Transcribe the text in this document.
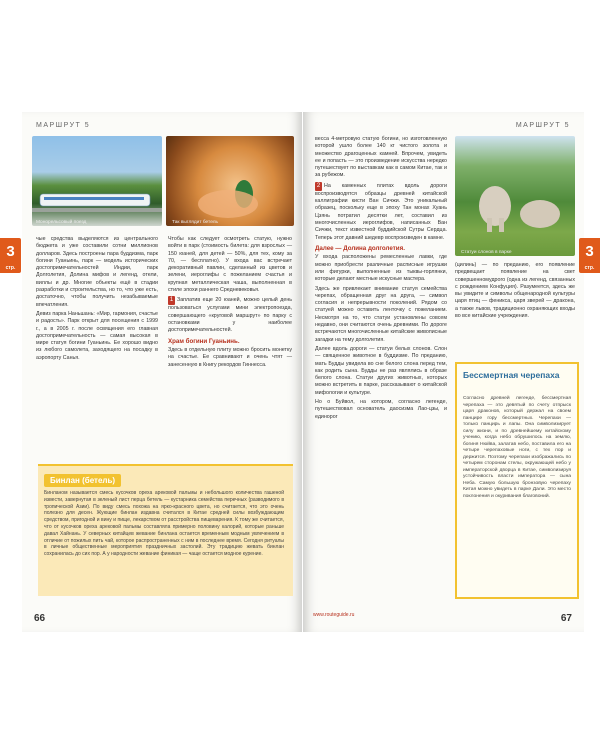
МАРШРУТ 5
Монорельсовый поезд	Так выглядит бетель

чые средства выделяются из центрального бюджета и уже составили сотни миллионов долларов. Здесь построены пара буддизма, парк богини Гуаньинь, парк — модель исторических достопримечательностей Индии, парк Долголетия, Долина мифов и легенд, отели, виллы и др. Многие объекты ещё в стадии разработки и строительства, но то, что уже есть, достаточно, чтобы получить незабываемые впечатления.

Девиз парка Наньшань: «Мир, гармония, счастье и радость». Парк открыт для посещения с 1999 г., а в 2005 г. после освящения его главная достопримечательность — самая высокая в мире статуя богини Гуаньинь. Ее хорошо видно из любого самолета, заходящего на посадку в аэропорту Санья.

Чтобы как следует осмотреть статую, нужно войти в парк (стоимость билета: для взрослых — 150 юаней, для детей — 50%, для тех, кому за 70, — бесплатно). У входа вас встречает декоративный павлин, сделанный из цветов и зелени, иероглифы с пожеланием счастья и крупная металлическая чаша, выполненная в стиле эпохи раннего Средневековья.

1 Заплатив еще 20 юаней, можно целый день пользоваться услугами мини электропоезда, совершающего «круговой маршрут» по парку с остановками у наиболее достопримечательностей.

Храм богини Гуаньинь.

Здесь в отдельную плиту можно бросить монетку на счастье. Ее сравнивают и очень чтят — занесенную в Книгу рекордов Гиннесса.

Бинлан (бетель)
Бинланом называется смесь кусочков ореха арековой пальмы и небольшого количества гашеной извести, завернутая в зеленый лист перца бетель — кустарника семейства перечных (разводимого в тропической Азии). По виду смесь похожа на ярко-красного цвета, но считается, что это очень полезно для десен. Жующие бинлан издавна считался в Китае средней силы возбуждающим средством, пригодной и вину и пище, лекарством от расстройства пищеварения. К тому же считается, что от кусочков ореха арековой пальмы составляла примерно половину калорий, которые раньше давал Хайнань. У северных китайцев жевание бинлана остается временным модным увлечением в отличие от пожилых пить чай, которое распространенных с ним в последнее время. Сегодня ритуалы в личные общественные мероприятия праздничных застолий. Эту традицию жевать бинлан сохранилась до сих пор. А у народности жевание финикая — чаще остается модное курение.
66
МАРШРУТ 5
Статуи слонов в парке

весса 4-метровую статую богини, но изготовленную которой ушло более 140 кг чистого золота и множество драгоценных камней. Впрочем, увидеть ее и попасть — это произведение искусства нередко путешествует по выставкам как в самом Китае, так и за рубежом.

2 На каменных плитах вдоль дороги воспроизводятся образцы древней китайской каллиграфии кисти Ван Сичжи. Это уникальный образец, поскольку еще в эпоху Тан монах Хуань Цзянь потратил десятки лет, составил из многочисленных иероглифов, написанных Ван Сичжи, текст известной буддийской Сутры Сердца. Теперь этот давний шедевр воспроизведен в камне.

Далее — Долина долголетия.

У входа расположены ремесленные лавки, где можно приобрести различные расписные игрушки или фигурки, выполненные из тыквы-горлянки, которые делают местные искусные мастера.

Здесь же привлекает внимание статуя семейства черепах, обращенная друг на друга, — символ согласия и непрерывности поколений. Рядом со статуей можно оставить ленточку с пожеланием. Несмотря на то, что статуи установлены совсем недавно, они считаются очень древними. По дороге встречаются многочисленные китайские живописные загадки на тему долголетия.

Далее вдоль дороги — статуи белых слонов. Слон — священное животное в буддизме. По преданию, мать Будды увидела во сне белого слона перед тем, как родить сына. Будды не раз являлись в образе белого слона. Статуи других животных, которых можно встретить в парке, рассказывают о китайской мифологии и культуре.

Но о Буйвол, на котором, согласно легенде, путешествовал основатель даосизма Лао-цзы, и единорог

(цилинь) — по преданию, его появление предвещает появление на свет совершенномудрого (одна из легенд, связанных с рождением Конфуция). Разумеется, здесь же вы увидите и символы общенародной культуры царя птиц — феникса, царя зверей — дракона, а также львов, традиционно охраняющих входы во все китайские учреждения.

Бессмертная черепаха
Согласно древней легенде, бессмертная черепаха — это девятый по счету отпрыск царя драконов, который держал на своем панцире гору бессмертных. Черепахи — только панцирь и лапы. Она символизирует силу жизни, и по древнейшему китайскому учению, когда небо обрушилось на землю, богиня Нюйва, залатав небо, поставила его на четыре черепаховые ноги, с тех пор и держится. Поэтому черепахи изображались по четырем сторонам стелы, окружающей небо у императорской дворца в Китае, символизируя устойчивость власти императора — сына Неба. Самую большую бронзовую черепаху Китая можно увидеть в парке Дали. Это место поклонения и окуривания благовоний.
www.routeguide.ru	67
3
стр.
59
3
стр.
59
